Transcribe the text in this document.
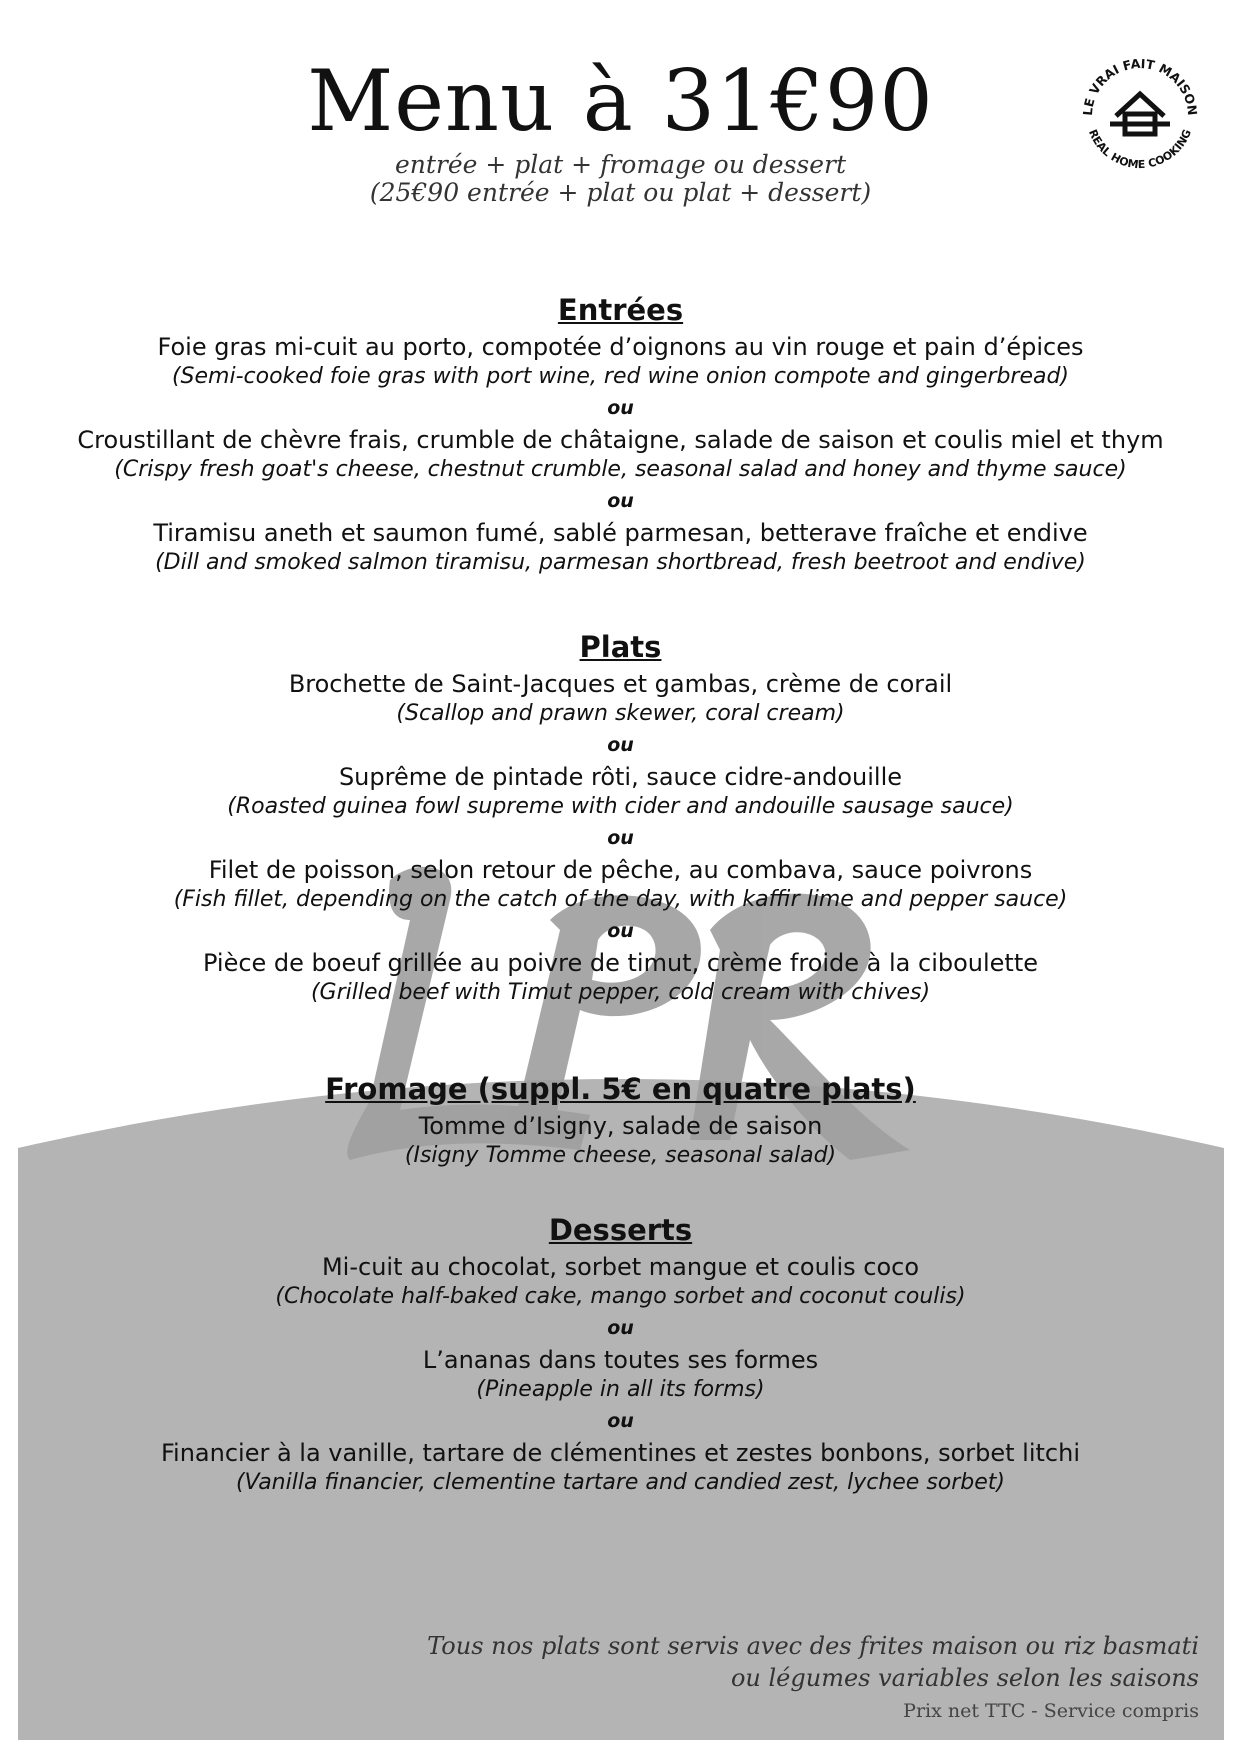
Menu à 31€90
entrée + plat + fromage ou dessert
(25€90 entrée + plat ou plat + dessert)
LE VRAI FAIT MAISON
REAL HOME COOKING
Entrées
Foie gras mi-cuit au porto, compotée d’oignons au vin rouge et pain d’épices
(Semi-cooked foie gras with port wine, red wine onion compote and gingerbread)
ou
Croustillant de chèvre frais, crumble de châtaigne, salade de saison et coulis miel et thym
(Crispy fresh goat's cheese, chestnut crumble, seasonal salad and honey and thyme sauce)
ou
Tiramisu aneth et saumon fumé, sablé parmesan, betterave fraîche et endive
(Dill and smoked salmon tiramisu, parmesan shortbread, fresh beetroot and endive)
Plats
Brochette de Saint-Jacques et gambas, crème de corail
(Scallop and prawn skewer, coral cream)
ou
Suprême de pintade rôti, sauce cidre-andouille
(Roasted guinea fowl supreme with cider and andouille sausage sauce)
ou
Filet de poisson, selon retour de pêche, au combava, sauce poivrons
(Fish fillet, depending on the catch of the day, with kaffir lime and pepper sauce)
ou
Pièce de boeuf grillée au poivre de timut, crème froide à la ciboulette
(Grilled beef with Timut pepper, cold cream with chives)
Fromage (suppl. 5€ en quatre plats)
Tomme d’Isigny, salade de saison
(Isigny Tomme cheese, seasonal salad)
Desserts
Mi-cuit au chocolat, sorbet mangue et coulis coco
(Chocolate half-baked cake, mango sorbet and coconut coulis)
ou
L’ananas dans toutes ses formes
(Pineapple in all its forms)
ou
Financier à la vanille, tartare de clémentines et zestes bonbons, sorbet litchi
(Vanilla financier, clementine tartare and candied zest, lychee sorbet)
Tous nos plats sont servis avec des frites maison ou riz basmati
ou légumes variables selon les saisons
Prix net TTC - Service compris
